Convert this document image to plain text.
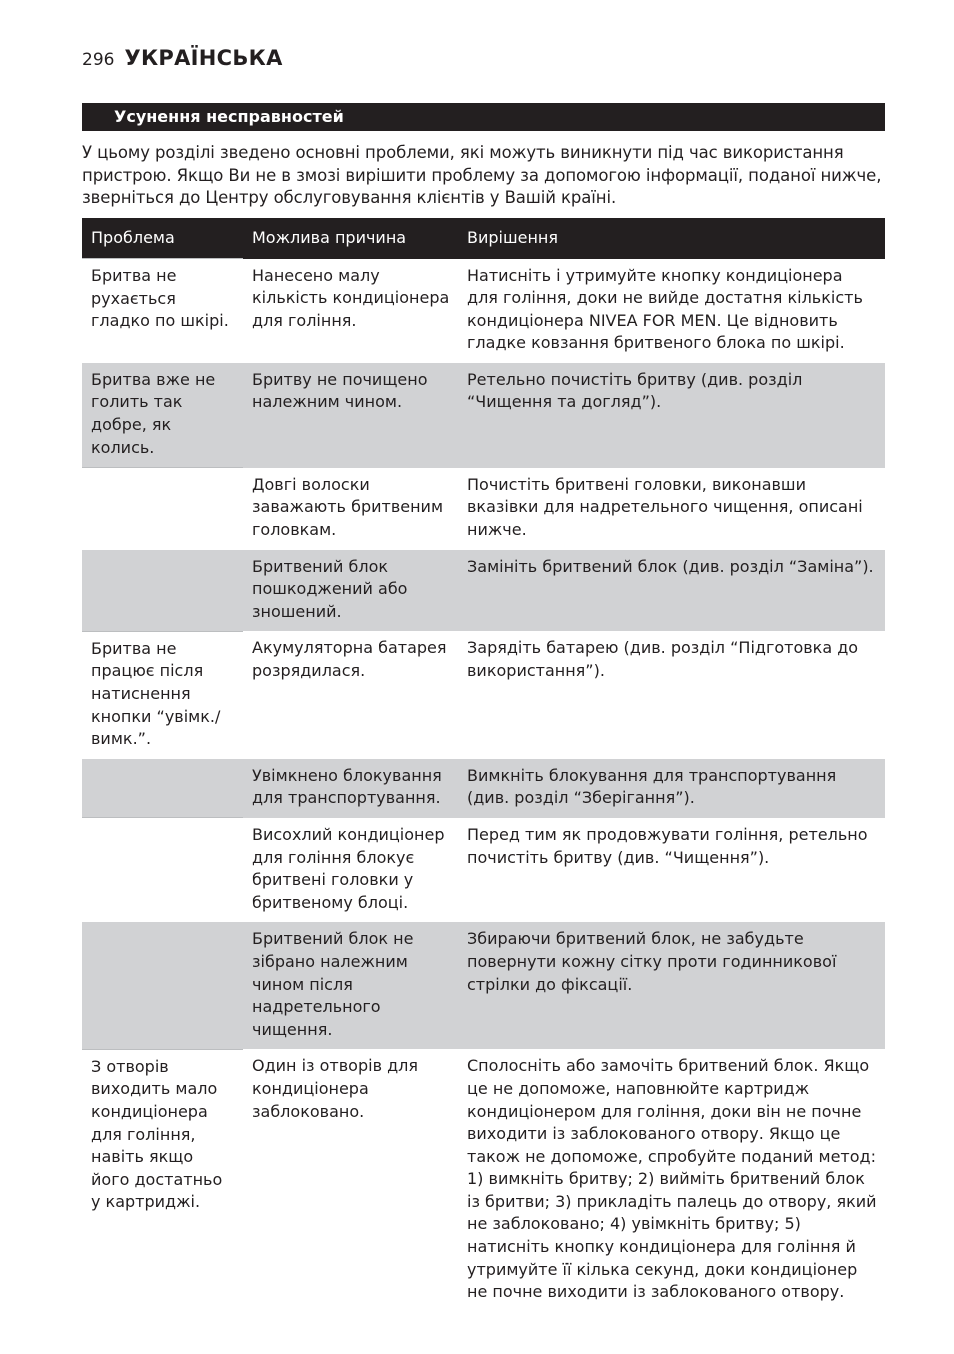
296 УКРАЇНСЬКА
Усунення несправностей

У цьому розділі зведено основні проблеми, які можуть виникнути під час використання пристрою. Якщо Ви не в змозі вирішити проблему за допомогою інформації, поданої нижче, зверніться до Центру обслуговування клієнтів у Вашій країні.

Проблема	Можлива причина	Вирішення
Бритва не рухається гладко по шкірі.	Нанесено малу кількість кондиціонера для гоління.	Натисніть і утримуйте кнопку кондиціонера для гоління, доки не вийде достатня кількість кондиціонера NIVEA FOR MEN. Це відновить гладке ковзання бритвеного блока по шкірі.
Бритва вже не голить так добре, як колись.	Бритву не почищено належним чином.	Ретельно почистіть бритву (див. розділ “Чищення та догляд”).
	Довгі волоски заважають бритвеним головкам.	Почистіть бритвені головки, виконавши вказівки для надретельного чищення, описані нижче.
	Бритвений блок пошкоджений або зношений.	Замініть бритвений блок (див. розділ “Заміна”).
Бритва не працює після натиснення кнопки “увімк./вимк.”.	Акумуляторна батарея розрядилася.	Зарядіть батарею (див. розділ “Підготовка до використання”).
	Увімкнено блокування для транспортування.	Вимкніть блокування для транспортування (див. розділ “Зберігання”).
	Висохлий кондиціонер для гоління блокує бритвені головки у бритвеному блоці.	Перед тим як продовжувати гоління, ретельно почистіть бритву (див. “Чищення”).
	Бритвений блок не зібрано належним чином після надретельного чищення.	Збираючи бритвений блок, не забудьте повернути кожну сітку проти годинникової стрілки до фіксації.
З отворів виходить мало кондиціонера для гоління, навіть якщо його достатньо у картриджі.	Один із отворів для кондиціонера заблоковано.	Сполосніть або замочіть бритвений блок. Якщо це не допоможе, наповнюйте картридж кондиціонером для гоління, доки він не почне виходити із заблокованого отвору. Якщо це також не допоможе, спробуйте поданий метод: 1) вимкніть бритву; 2) вийміть бритвений блок із бритви; 3) прикладіть палець до отвору, який не заблоковано; 4) увімкніть бритву; 5) натисніть кнопку кондиціонера для гоління й утримуйте її кілька секунд, доки кондиціонер не почне виходити із заблокованого отвору.
